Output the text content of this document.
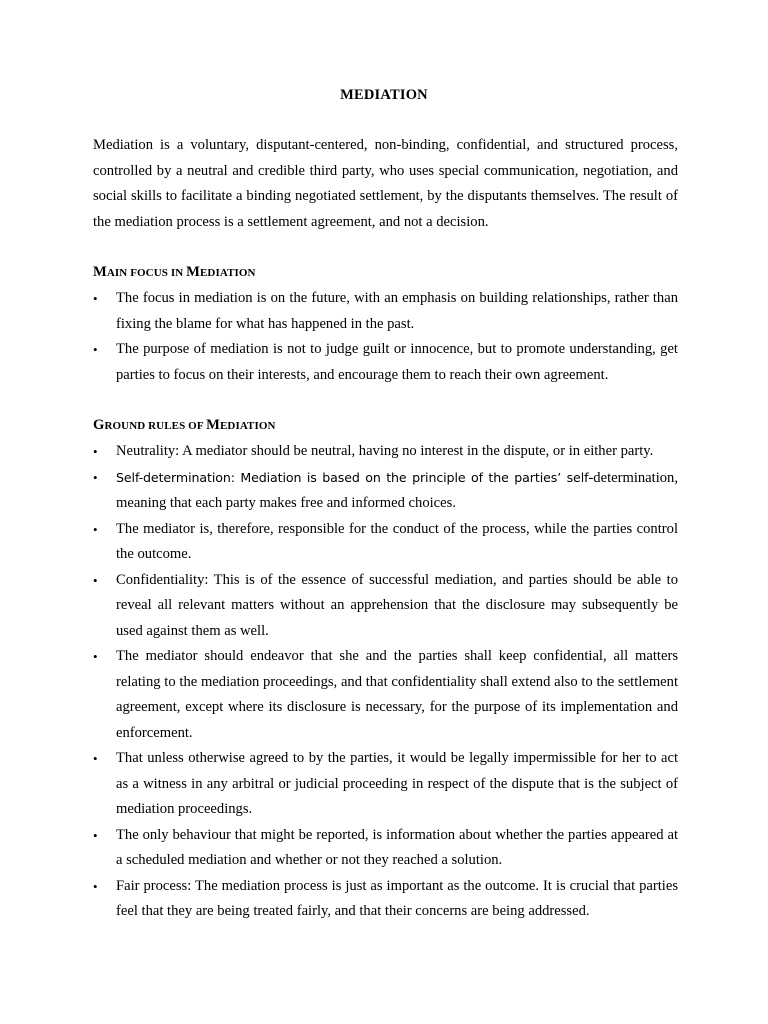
MEDIATION

Mediation is a voluntary, disputant-centered, non-binding, confidential, and structured process, controlled by a neutral and credible third party, who uses special communication, negotiation, and social skills to facilitate a binding negotiated settlement, by the disputants themselves. The result of the mediation process is a settlement agreement, and not a decision.

MAIN FOCUS IN MEDIATION
• The focus in mediation is on the future, with an emphasis on building relationships, rather than fixing the blame for what has happened in the past.
• The purpose of mediation is not to judge guilt or innocence, but to promote understanding, get parties to focus on their interests, and encourage them to reach their own agreement.
GROUND RULES OF MEDIATION
• Neutrality: A mediator should be neutral, having no interest in the dispute, or in either party.
• Self-determination: Mediation is based on the principle of the parties’ self-determination, meaning that each party makes free and informed choices.
• The mediator is, therefore, responsible for the conduct of the process, while the parties control the outcome.
• Confidentiality: This is of the essence of successful mediation, and parties should be able to reveal all relevant matters without an apprehension that the disclosure may subsequently be used against them as well.
• The mediator should endeavor that she and the parties shall keep confidential, all matters relating to the mediation proceedings, and that confidentiality shall extend also to the settlement agreement, except where its disclosure is necessary, for the purpose of its implementation and enforcement.
• That unless otherwise agreed to by the parties, it would be legally impermissible for her to act as a witness in any arbitral or judicial proceeding in respect of the dispute that is the subject of mediation proceedings.
• The only behaviour that might be reported, is information about whether the parties appeared at a scheduled mediation and whether or not they reached a solution.
• Fair process: The mediation process is just as important as the outcome. It is crucial that parties feel that they are being treated fairly, and that their concerns are being addressed.
